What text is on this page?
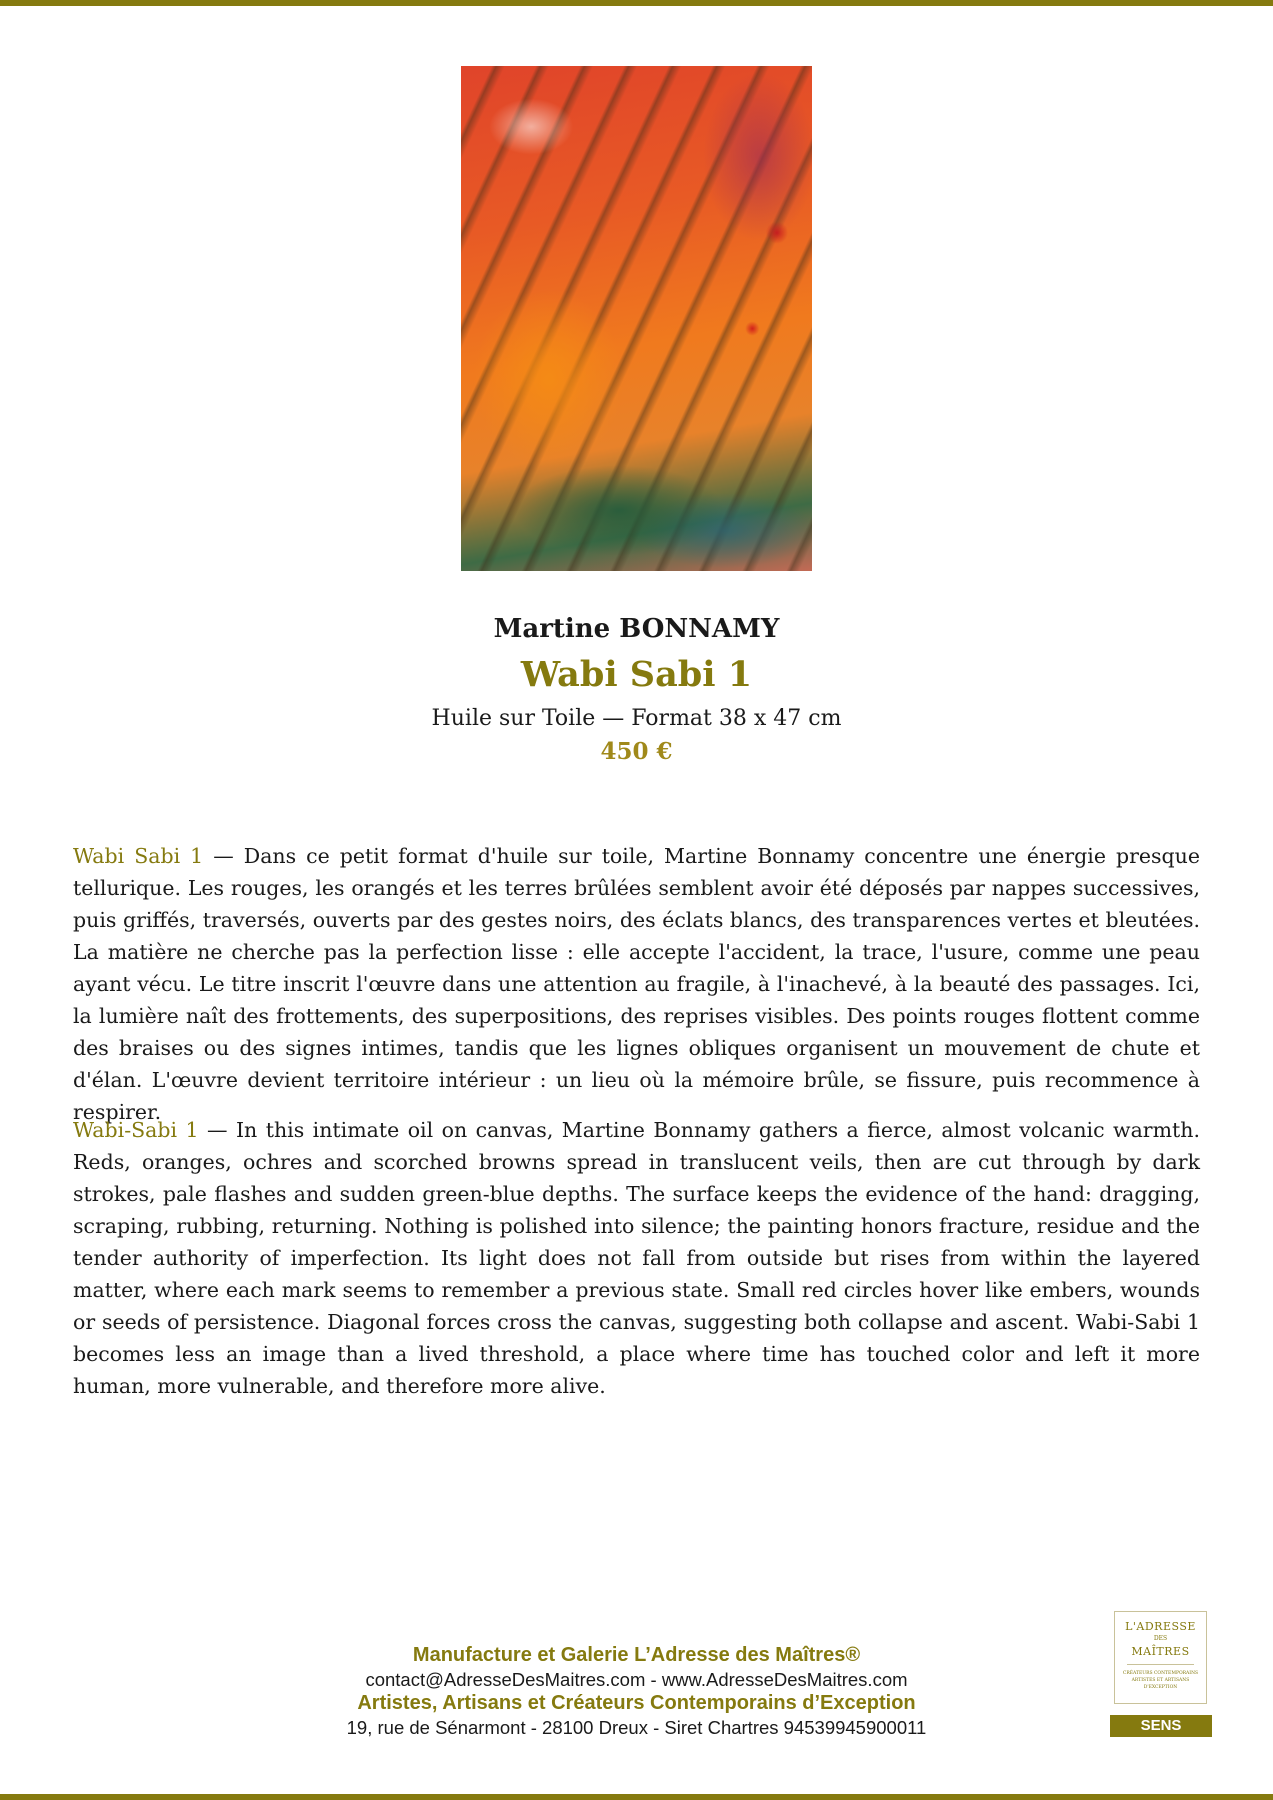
Martine BONNAMY
Wabi Sabi 1
Huile sur Toile — Format 38 x 47 cm
450 €

Wabi Sabi 1 — Dans ce petit format d'huile sur toile, Martine Bonnamy concentre une énergie presque tellurique. Les rouges, les orangés et les terres brûlées semblent avoir été déposés par nappes successives, puis griffés, traversés, ouverts par des gestes noirs, des éclats blancs, des transparences vertes et bleutées. La matière ne cherche pas la perfection lisse : elle accepte l'accident, la trace, l'usure, comme une peau ayant vécu. Le titre inscrit l'œuvre dans une attention au fragile, à l'inachevé, à la beauté des passages. Ici, la lumière naît des frottements, des superpositions, des reprises visibles. Des points rouges flottent comme des braises ou des signes intimes, tandis que les lignes obliques organisent un mouvement de chute et d'élan. L'œuvre devient territoire intérieur : un lieu où la mémoire brûle, se fissure, puis recommence à respirer.

Wabi-Sabi 1 — In this intimate oil on canvas, Martine Bonnamy gathers a fierce, almost volcanic warmth. Reds, oranges, ochres and scorched browns spread in translucent veils, then are cut through by dark strokes, pale flashes and sudden green-blue depths. The surface keeps the evidence of the hand: dragging, scraping, rubbing, returning. Nothing is polished into silence; the painting honors fracture, residue and the tender authority of imperfection. Its light does not fall from outside but rises from within the layered matter, where each mark seems to remember a previous state. Small red circles hover like embers, wounds or seeds of persistence. Diagonal forces cross the canvas, suggesting both collapse and ascent. Wabi-Sabi 1 becomes less an image than a lived threshold, a place where time has touched color and left it more human, more vulnerable, and therefore more alive.

Manufacture et Galerie L’Adresse des Maîtres®
contact@AdresseDesMaitres.com - www.AdresseDesMaitres.com
Artistes, Artisans et Créateurs Contemporains d’Exception
19, rue de Sénarmont - 28100 Dreux - Siret Chartres 94539945900011
L'ADRESSE
DES
MAÎTRES
CRÉATEURS CONTEMPORAINS ARTISTES ET ARTISANS D'EXCEPTION
SENS
